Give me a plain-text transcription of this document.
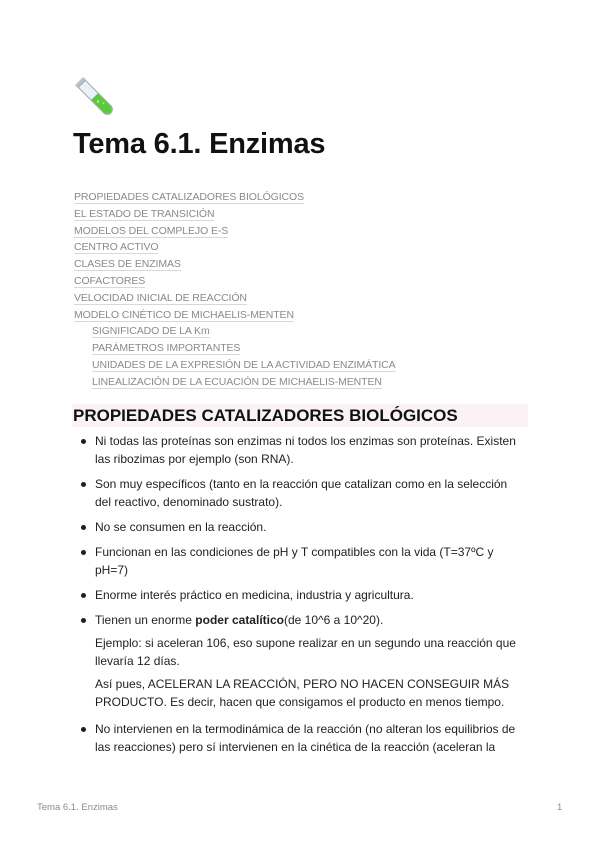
Tema 6.1. Enzimas
PROPIEDADES CATALIZADORES BIOLÓGICOS
EL ESTADO DE TRANSICIÓN
MODELOS DEL COMPLEJO E-S
CENTRO ACTIVO
CLASES DE ENZIMAS
COFACTORES
VELOCIDAD INICIAL DE REACCIÓN
MODELO CINÉTICO DE MICHAELIS-MENTEN
SIGNIFICADO DE LA Km
PARÁMETROS IMPORTANTES
UNIDADES DE LA EXPRESIÓN DE LA ACTIVIDAD ENZIMÁTICA
LINEALIZACIÓN DE LA ECUACIÓN DE MICHAELIS-MENTEN
PROPIEDADES CATALIZADORES BIOLÓGICOS
Ni todas las proteínas son enzimas ni todos los enzimas son proteínas. Existen las ribozimas por ejemplo (son RNA).
Son muy específicos (tanto en la reacción que catalizan como en la selección del reactivo, denominado sustrato).
No se consumen en la reacción.
Funcionan en las condiciones de pH y T compatibles con la vida (T=37ºC y pH=7)
Enorme interés práctico en medicina, industria y agricultura.
Tienen un enorme poder catalítico(de 10^6 a 10^20).

Ejemplo: si aceleran 106, eso supone realizar en un segundo una reacción que llevaría 12 días.

Así pues, ACELERAN LA REACCIÓN, PERO NO HACEN CONSEGUIR MÁS PRODUCTO. Es decir, hacen que consigamos el producto en menos tiempo.

No intervienen en la termodinámica de la reacción (no alteran los equilibrios de las reacciones) pero sí intervienen en la cinética de la reacción (aceleran la
Tema 6.1. Enzimas	1
